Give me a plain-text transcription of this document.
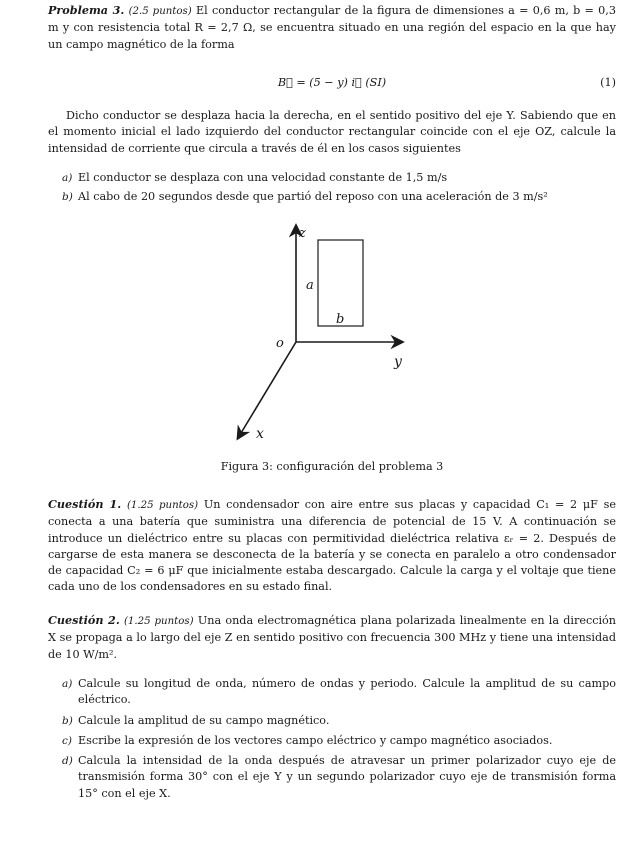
Problema 3. (2.5 puntos) El conductor rectangular de la figura de dimensiones a = 0,6 m, b = 0,3 m y con resistencia total R = 2,7 Ω, se encuentra situado en una región del espacio en la que hay un campo magnético de la forma
B⃗ = (5 − y) i⃗ (SI)	(1)
Dicho conductor se desplaza hacia la derecha, en el sentido positivo del eje Y. Sabiendo que en el momento inicial el lado izquierdo del conductor rectangular coincide con el eje OZ, calcule la intensidad de corriente que circula a través de él en los casos siguientes
a) El conductor se desplaza con una velocidad constante de 1,5 m/s
b) Al cabo de 20 segundos desde que partió del reposo con una aceleración de 3 m/s²
z
a
b
o
y
x
Figura 3: configuración del problema 3
Cuestión 1. (1.25 puntos) Un condensador con aire entre sus placas y capacidad C₁ = 2 μF se conecta a una batería que suministra una diferencia de potencial de 15 V. A continuación se introduce un dieléctrico entre su placas con permitividad dieléctrica relativa εᵣ = 2. Después de cargarse de esta manera se desconecta de la batería y se conecta en paralelo a otro condensador de capacidad C₂ = 6 μF que inicialmente estaba descargado. Calcule la carga y el voltaje que tiene cada uno de los condensadores en su estado final.
Cuestión 2. (1.25 puntos) Una onda electromagnética plana polarizada linealmente en la dirección X se propaga a lo largo del eje Z en sentido positivo con frecuencia 300 MHz y tiene una intensidad de 10 W/m².
a) Calcule su longitud de onda, número de ondas y periodo. Calcule la amplitud de su campo eléctrico.
b) Calcule la amplitud de su campo magnético.
c) Escribe la expresión de los vectores campo eléctrico y campo magnético asociados.
d) Calcula la intensidad de la onda después de atravesar un primer polarizador cuyo eje de transmisión forma 30° con el eje Y y un segundo polarizador cuyo eje de transmisión forma 15° con el eje X.
